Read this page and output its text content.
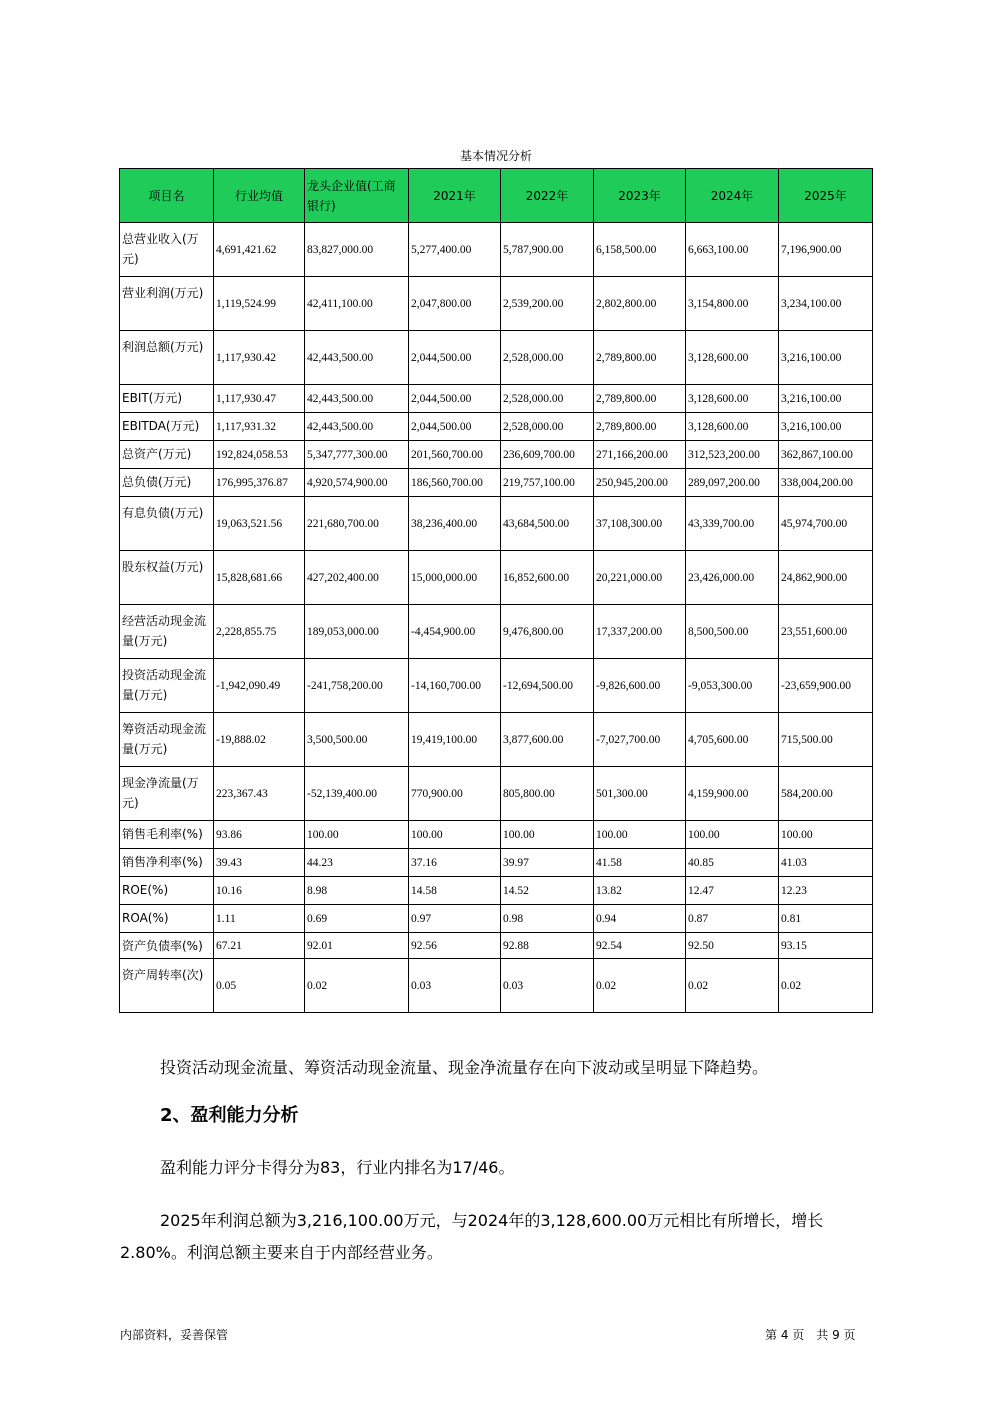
基本情况分析
项目名	行业均值	龙头企业值(工商银行)	2021年	2022年	2023年	2024年	2025年
总营业收入(万元)	4,691,421.62	83,827,000.00	5,277,400.00	5,787,900.00	6,158,500.00	6,663,100.00	7,196,900.00
营业利润(万元)	1,119,524.99	42,411,100.00	2,047,800.00	2,539,200.00	2,802,800.00	3,154,800.00	3,234,100.00
利润总额(万元)	1,117,930.42	42,443,500.00	2,044,500.00	2,528,000.00	2,789,800.00	3,128,600.00	3,216,100.00
EBIT(万元)	1,117,930.47	42,443,500.00	2,044,500.00	2,528,000.00	2,789,800.00	3,128,600.00	3,216,100.00
EBITDA(万元)	1,117,931.32	42,443,500.00	2,044,500.00	2,528,000.00	2,789,800.00	3,128,600.00	3,216,100.00
总资产(万元)	192,824,058.53	5,347,777,300.00	201,560,700.00	236,609,700.00	271,166,200.00	312,523,200.00	362,867,100.00
总负债(万元)	176,995,376.87	4,920,574,900.00	186,560,700.00	219,757,100.00	250,945,200.00	289,097,200.00	338,004,200.00
有息负债(万元)	19,063,521.56	221,680,700.00	38,236,400.00	43,684,500.00	37,108,300.00	43,339,700.00	45,974,700.00
股东权益(万元)	15,828,681.66	427,202,400.00	15,000,000.00	16,852,600.00	20,221,000.00	23,426,000.00	24,862,900.00
经营活动现金流量(万元)	2,228,855.75	189,053,000.00	-4,454,900.00	9,476,800.00	17,337,200.00	8,500,500.00	23,551,600.00
投资活动现金流量(万元)	-1,942,090.49	-241,758,200.00	-14,160,700.00	-12,694,500.00	-9,826,600.00	-9,053,300.00	-23,659,900.00
筹资活动现金流量(万元)	-19,888.02	3,500,500.00	19,419,100.00	3,877,600.00	-7,027,700.00	4,705,600.00	715,500.00
现金净流量(万元)	223,367.43	-52,139,400.00	770,900.00	805,800.00	501,300.00	4,159,900.00	584,200.00
销售毛利率(%)	93.86	100.00	100.00	100.00	100.00	100.00	100.00
销售净利率(%)	39.43	44.23	37.16	39.97	41.58	40.85	41.03
ROE(%)	10.16	8.98	14.58	14.52	13.82	12.47	12.23
ROA(%)	1.11	0.69	0.97	0.98	0.94	0.87	0.81
资产负债率(%)	67.21	92.01	92.56	92.88	92.54	92.50	93.15
资产周转率(次)	0.05	0.02	0.03	0.03	0.02	0.02	0.02
投资活动现金流量、筹资活动现金流量、现金净流量存在向下波动或呈明显下降趋势。
2、盈利能力分析
盈利能力评分卡得分为83，行业内排名为17/46。
2025年利润总额为3,216,100.00万元，与2024年的3,128,600.00万元相比有所增长，增长2.80%。利润总额主要来自于内部经营业务。
内部资料，妥善保管	第 4 页　共 9 页
